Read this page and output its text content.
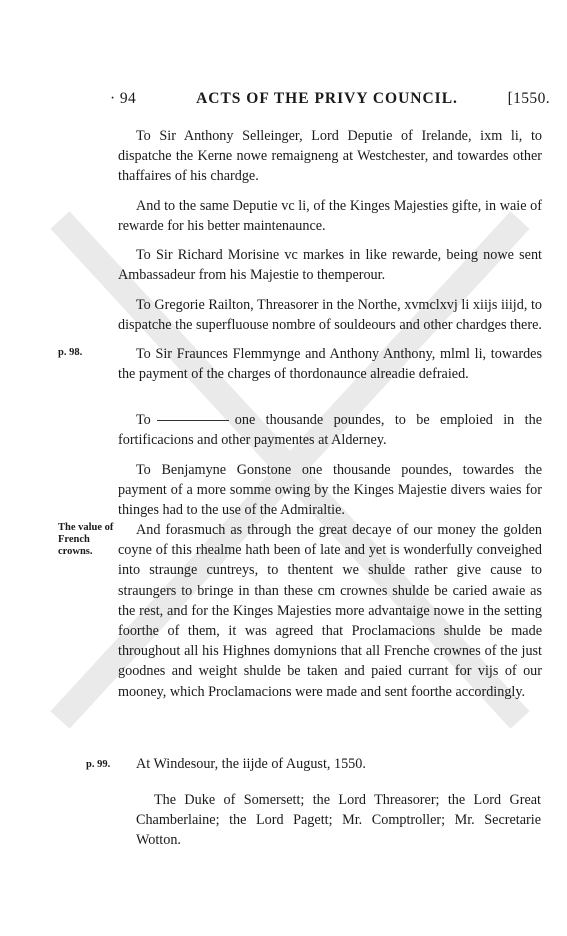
· 94	ACTS OF THE PRIVY COUNCIL.	[1550.

To Sir Anthony Selleinger, Lord Deputie of Irelande, ixm li, to dispatche the Kerne nowe remaigneng at Westchester, and towardes other thaffaires of his chardge.

And to the same Deputie vc li, of the Kinges Majesties gifte, in waie of rewarde for his better maintenaunce.

To Sir Richard Morisine vc markes in like rewarde, being nowe sent Ambassadeur from his Majestie to themperour.

To Gregorie Railton, Threasorer in the Northe, xvmclxvj li xiijs iiijd, to dispatche the superfluouse nombre of souldeours and other chardges there.

p. 98.	To Sir Fraunces Flemmynge and Anthony Anthony, mlml li, towardes the payment of the charges of thordonaunce alreadie defraied.

To	one thousande poundes, to be emploied in the fortificacions and other paymentes at Alderney.

To Benjamyne Gonstone one thousande poundes, towardes the payment of a more somme owing by the Kinges Majestie divers waies for thinges had to the use of the Admiraltie.

The value of French crowns.

And forasmuch as through the great decaye of our money the golden coyne of this rhealme hath been of late and yet is wonderfully conveighed into straunge cuntreys, to thentent we shulde rather give cause to straungers to bringe in than these cm crownes shulde be caried awaie as the rest, and for the Kinges Majesties more advantaige nowe in the setting foorthe of them, it was agreed that Proclamacions shulde be made throughout all his Highnes domynions that all Frenche crownes of the just goodnes and weight shulde be taken and paied currant for vijs of our mooney, which Proclamacions were made and sent foorthe accordingly.

p. 99. At Windesour, the iijde of August, 1550.
The Duke of Somersett; the Lord Threasorer; the Lord Great Chamberlaine; the Lord Pagett; Mr. Comptroller; Mr. Secretarie Wotton.
